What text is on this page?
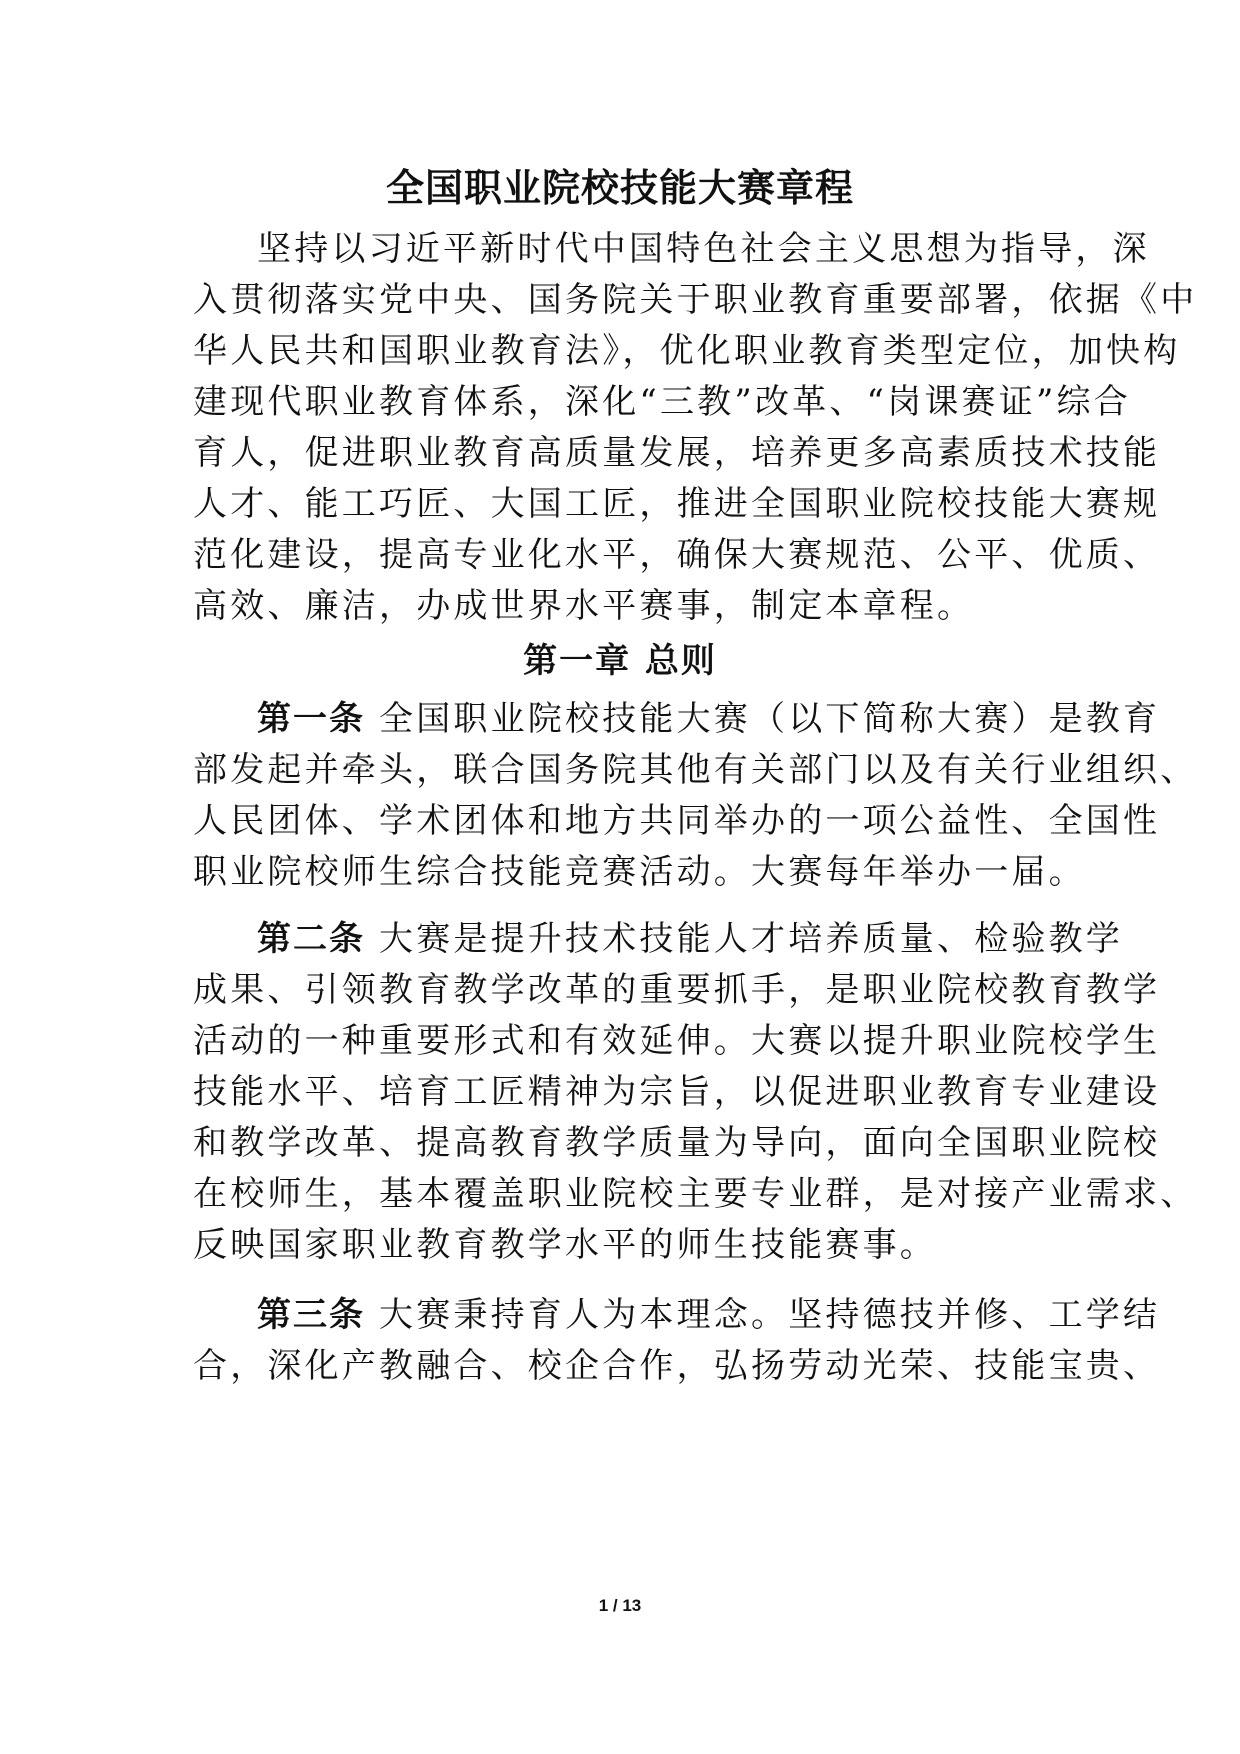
全国职业院校技能大赛章程
坚持以习近平新时代中国特色社会主义思想为指导，深
入贯彻落实党中央、国务院关于职业教育重要部署，依据《中
华人民共和国职业教育法》，优化职业教育类型定位，加快构
建现代职业教育体系，深化“三教”改革、“岗课赛证”综合
育人，促进职业教育高质量发展，培养更多高素质技术技能
人才、能工巧匠、大国工匠，推进全国职业院校技能大赛规
范化建设，提高专业化水平，确保大赛规范、公平、优质、
高效、廉洁，办成世界水平赛事，制定本章程。
第一章 总则
第一条 全国职业院校技能大赛（以下简称大赛）是教育
部发起并牵头，联合国务院其他有关部门以及有关行业组织、
人民团体、学术团体和地方共同举办的一项公益性、全国性
职业院校师生综合技能竞赛活动。大赛每年举办一届。
第二条 大赛是提升技术技能人才培养质量、检验教学
成果、引领教育教学改革的重要抓手，是职业院校教育教学
活动的一种重要形式和有效延伸。大赛以提升职业院校学生
技能水平、培育工匠精神为宗旨，以促进职业教育专业建设
和教学改革、提高教育教学质量为导向，面向全国职业院校
在校师生，基本覆盖职业院校主要专业群，是对接产业需求、
反映国家职业教育教学水平的师生技能赛事。
第三条 大赛秉持育人为本理念。坚持德技并修、工学结
合，深化产教融合、校企合作，弘扬劳动光荣、技能宝贵、
1 / 13
